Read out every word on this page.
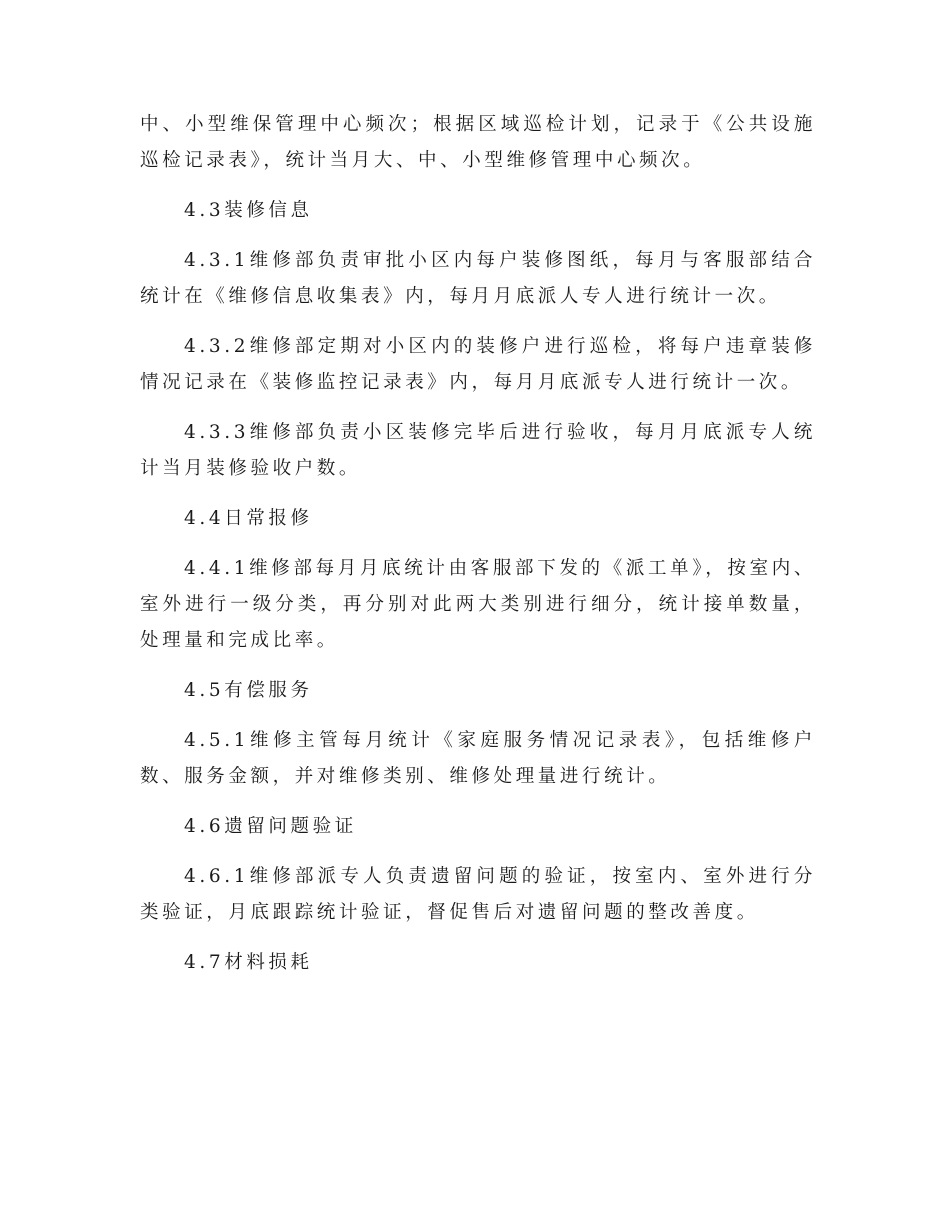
中、小型维保管理中心频次；根据区域巡检计划，记录于《公共设施巡检记录表》，统计当月大、中、小型维修管理中心频次。

4.3装修信息

4.3.1维修部负责审批小区内每户装修图纸，每月与客服部结合统计在《维修信息收集表》内，每月月底派人专人进行统计一次。

4.3.2维修部定期对小区内的装修户进行巡检，将每户违章装修情况记录在《装修监控记录表》内，每月月底派专人进行统计一次。

4.3.3维修部负责小区装修完毕后进行验收，每月月底派专人统计当月装修验收户数。

4.4日常报修

4.4.1维修部每月月底统计由客服部下发的《派工单》，按室内、室外进行一级分类，再分别对此两大类别进行细分，统计接单数量，处理量和完成比率。

4.5有偿服务

4.5.1维修主管每月统计《家庭服务情况记录表》，包括维修户数、服务金额，并对维修类别、维修处理量进行统计。

4.6遗留问题验证

4.6.1维修部派专人负责遗留问题的验证，按室内、室外进行分类验证，月底跟踪统计验证，督促售后对遗留问题的整改善度。

4.7材料损耗
